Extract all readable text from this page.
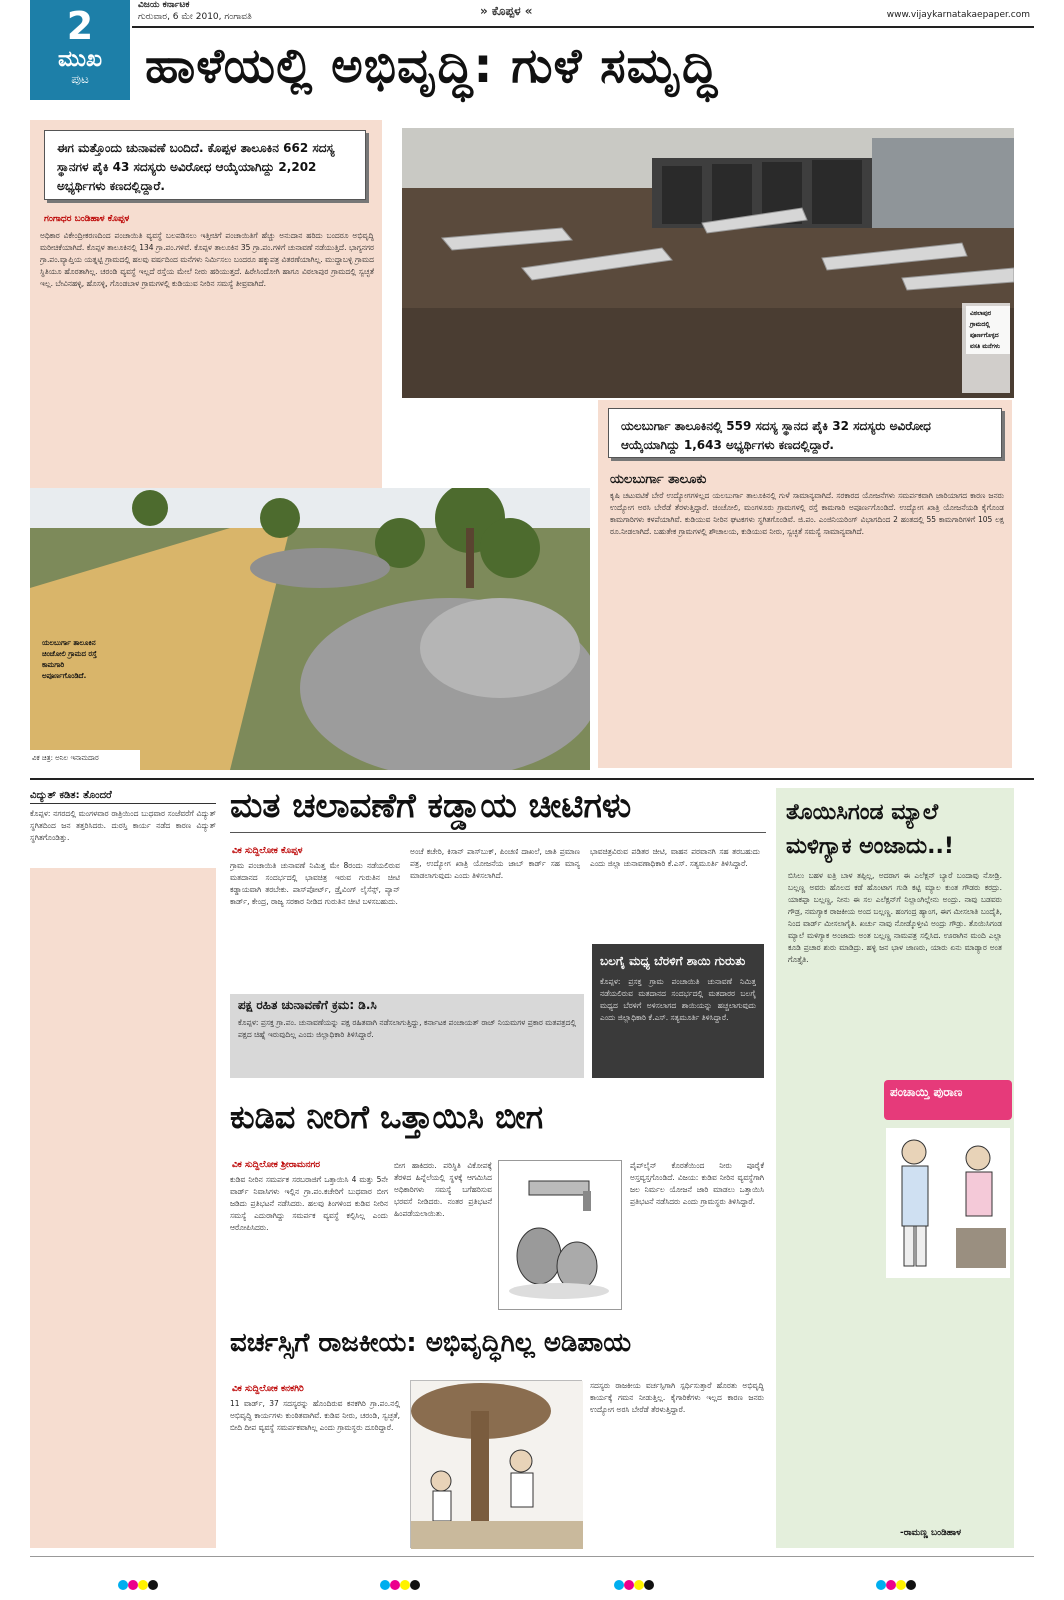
2
ಮುಖ
ಪುಟ
ವಿಜಯ ಕರ್ನಾಟಕ
ಗುರುವಾರ, 6 ಮೇ 2010, ಗಂಗಾವತಿ	» ಕೊಪ್ಪಳ «	www.vijaykarnatakaepaper.com
ಹಾಳೆಯಲ್ಲಿ ಅಭಿವೃದ್ಧಿ: ಗುಳೆ ಸಮೃದ್ಧಿ
ಈಗ ಮತ್ತೊಂದು ಚುನಾವಣೆ ಬಂದಿದೆ. ಕೊಪ್ಪಳ ತಾಲೂಕಿನ 662 ಸದಸ್ಯ ಸ್ಥಾನಗಳ ಪೈಕಿ 43 ಸದಸ್ಯರು ಅವಿರೋಧ ಆಯ್ಕೆಯಾಗಿದ್ದು 2,202 ಅಭ್ಯರ್ಥಿಗಳು ಕಣದಲ್ಲಿದ್ದಾರೆ.
ಗಂಗಾಧರ ಬಂಡಿಹಾಳ ಕೊಪ್ಪಳ
ಅಧಿಕಾರ ವಿಕೇಂದ್ರೀಕರಣದಿಂದ ಪಂಚಾಯಿತಿ ವ್ಯವಸ್ಥೆ ಬಲಪಡಿಸಲು ಇತ್ತೀಚಿಗೆ ಪಂಚಾಯಿತಿಗೆ ಹೆಚ್ಚು ಅನುದಾನ ಹರಿದು ಬಂದರೂ ಅಭಿವೃದ್ಧಿ ಮರೀಚಿಕೆಯಾಗಿದೆ. ಕೊಪ್ಪಳ ತಾಲೂಕಿನಲ್ಲಿ 134 ಗ್ರಾ.ಪಂ.ಗಳಿವೆ. ಕೊಪ್ಪಳ ತಾಲೂಕಿನ 35 ಗ್ರಾ.ಪಂ.ಗಳಿಗೆ ಚುನಾವಣೆ ನಡೆಯುತ್ತಿದೆ. ಭಾಗ್ಯನಗರ ಗ್ರಾ.ಪಂ.ವ್ಯಾಪ್ತಿಯ ಯತ್ನಟ್ಟಿ ಗ್ರಾಮದಲ್ಲಿ ಹಲವು ವರ್ಷದಿಂದ ಮನೆಗಳು ನಿರ್ಮಿಸಲು ಬಂದರೂ ಹಕ್ಕುಪತ್ರ ವಿತರಣೆಯಾಗಿಲ್ಲ. ಮುದ್ದಾಬಳ್ಳಿ ಗ್ರಾಮದ ಸ್ಥಿತಿಯೂ ಹೊರತಾಗಿಲ್ಲ. ಚರಂಡಿ ವ್ಯವಸ್ಥೆ ಇಲ್ಲದೆ ರಸ್ತೆಯ ಮೇಲೆ ನೀರು ಹರಿಯುತ್ತದೆ. ಹಿರೇಸಿಂದೋಗಿ ಹಾಗೂ ವಿಠಲಾಪುರ ಗ್ರಾಮದಲ್ಲಿ ಸ್ವಚ್ಛತೆ ಇಲ್ಲ. ಬೇವಿನಹಳ್ಳಿ, ಹೊಸಳ್ಳಿ, ಗೊಂಡಬಾಳ ಗ್ರಾಮಗಳಲ್ಲಿ ಕುಡಿಯುವ ನೀರಿನ ಸಮಸ್ಯೆ ತೀವ್ರವಾಗಿದೆ.
ವಿಠಲಾಪುರ ಗ್ರಾಮದಲ್ಲಿ ಪೂರ್ಣಗೊಳ್ಳದ ವಸತಿ ಮನೆಗಳು
ಯಲಬುರ್ಗಾ ತಾಲೂಕಿನ ಚಿಂಚೋಲಿ ಗ್ರಾಮದ ರಸ್ತೆ ಕಾಮಗಾರಿ ಅಪೂರ್ಣಗೊಂಡಿದೆ.
ವಿಕ ಚಿತ್ರ: ಅನಿಲ ಇನಾಮದಾರ
ಯಲಬುರ್ಗಾ ತಾಲೂಕಿನಲ್ಲಿ 559 ಸದಸ್ಯ ಸ್ಥಾನದ ಪೈಕಿ 32 ಸದಸ್ಯರು ಅವಿರೋಧ ಆಯ್ಕೆಯಾಗಿದ್ದು 1,643 ಅಭ್ಯರ್ಥಿಗಳು ಕಣದಲ್ಲಿದ್ದಾರೆ.
ಯಲಬುರ್ಗಾ ತಾಲೂಕು
ಕೃಷಿ ಚಟುವಟಿಕೆ ಬೇರೆ ಉದ್ಯೋಗಗಳಿಲ್ಲದ ಯಲಬುರ್ಗಾ ತಾಲೂಕಿನಲ್ಲಿ ಗುಳೆ ಸಾಮಾನ್ಯವಾಗಿದೆ. ಸರಕಾರದ ಯೋಜನೆಗಳು ಸಮರ್ಪಕವಾಗಿ ಜಾರಿಯಾಗದ ಕಾರಣ ಜನರು ಉದ್ಯೋಗ ಅರಸಿ ಬೇರೆಡೆ ತೆರಳುತ್ತಿದ್ದಾರೆ. ಚಿಂಚೋಲಿ, ಮಂಗಳೂರು ಗ್ರಾಮಗಳಲ್ಲಿ ರಸ್ತೆ ಕಾಮಗಾರಿ ಅಪೂರ್ಣಗೊಂಡಿದೆ. ಉದ್ಯೋಗ ಖಾತ್ರಿ ಯೋಜನೆಯಡಿ ಕೈಗೊಂಡ ಕಾಮಗಾರಿಗಳು ಕಳಪೆಯಾಗಿವೆ. ಕುಡಿಯುವ ನೀರಿನ ಘಟಕಗಳು ಸ್ಥಗಿತಗೊಂಡಿವೆ. ಜಿ.ಪಂ. ಎಂಜಿನಿಯರಿಂಗ್ ವಿಭಾಗದಿಂದ 2 ಹಂತದಲ್ಲಿ 55 ಕಾಮಗಾರಿಗಳಿಗೆ 105 ಲಕ್ಷ ರೂ.ನೀಡಲಾಗಿದೆ. ಬಹುತೇಕ ಗ್ರಾಮಗಳಲ್ಲಿ ಶೌಚಾಲಯ, ಕುಡಿಯುವ ನೀರು, ಸ್ವಚ್ಛತೆ ಸಮಸ್ಯೆ ಸಾಮಾನ್ಯವಾಗಿದೆ.
ವಿದ್ಯುತ್ ಕಡಿತ: ತೊಂದರೆ
ಕೊಪ್ಪಳ: ನಗರದಲ್ಲಿ ಮಂಗಳವಾರ ರಾತ್ರಿಯಿಂದ ಬುಧವಾರ ಸಂಜೆವರೆಗೆ ವಿದ್ಯುತ್ ಸ್ಥಗಿತದಿಂದ ಜನ ತತ್ತರಿಸಿದರು. ದುರಸ್ತಿ ಕಾರ್ಯ ನಡೆದ ಕಾರಣ ವಿದ್ಯುತ್ ಸ್ಥಗಿತಗೊಂಡಿತ್ತು.
ಮತ ಚಲಾವಣೆಗೆ ಕಡ್ಡಾಯ ಚೀಟಿಗಳು
ವಿಕ ಸುದ್ದಿಲೋಕ ಕೊಪ್ಪಳ
ಗ್ರಾಮ ಪಂಚಾಯಿತಿ ಚುನಾವಣೆ ನಿಮಿತ್ತ ಮೇ 8ರಂದು ನಡೆಯಲಿರುವ ಮತದಾನದ ಸಂದರ್ಭದಲ್ಲಿ ಭಾವಚಿತ್ರ ಇರುವ ಗುರುತಿನ ಚೀಟಿ ಕಡ್ಡಾಯವಾಗಿ ತರಬೇಕು. ಪಾಸ್‌ಪೋರ್ಟ್, ಡ್ರೈವಿಂಗ್ ಲೈಸೆನ್ಸ್, ಪ್ಯಾನ್ ಕಾರ್ಡ್, ಕೇಂದ್ರ, ರಾಜ್ಯ ಸರಕಾರ ನೀಡಿದ ಗುರುತಿನ ಚೀಟಿ ಬಳಸಬಹುದು.
ಅಂಚೆ ಕಚೇರಿ, ಕಿಸಾನ್ ಪಾಸ್‌ಬುಕ್, ಪಿಂಚಣಿ ದಾಖಲೆ, ಜಾತಿ ಪ್ರಮಾಣ ಪತ್ರ, ಉದ್ಯೋಗ ಖಾತ್ರಿ ಯೋಜನೆಯ ಜಾಬ್ ಕಾರ್ಡ್ ಸಹ ಮಾನ್ಯ ಮಾಡಲಾಗುವುದು ಎಂದು ತಿಳಿಸಲಾಗಿದೆ.
ಭಾವಚಿತ್ರವಿರುವ ಪಡಿತರ ಚೀಟಿ, ವಾಹನ ಪರವಾನಗಿ ಸಹ ತರಬಹುದು ಎಂದು ಜಿಲ್ಲಾ ಚುನಾವಣಾಧಿಕಾರಿ ಕೆ.ಎಸ್. ಸತ್ಯಮೂರ್ತಿ ತಿಳಿಸಿದ್ದಾರೆ.
ಪಕ್ಷ ರಹಿತ ಚುನಾವಣೆಗೆ ಕ್ರಮ: ಡಿ.ಸಿ
ಕೊಪ್ಪಳ: ಪ್ರಸಕ್ತ ಗ್ರಾ.ಪಂ. ಚುನಾವಣೆಯನ್ನು ಪಕ್ಷ ರಹಿತವಾಗಿ ನಡೆಸಲಾಗುತ್ತಿದ್ದು, ಕರ್ನಾಟಕ ಪಂಚಾಯತ್ ರಾಜ್ ನಿಯಮಗಳ ಪ್ರಕಾರ ಮತಪತ್ರದಲ್ಲಿ ಪಕ್ಷದ ಚಿಹ್ನೆ ಇರುವುದಿಲ್ಲ ಎಂದು ಜಿಲ್ಲಾಧಿಕಾರಿ ತಿಳಿಸಿದ್ದಾರೆ.
ಬಲಗೈ ಮಧ್ಯ ಬೆರಳಿಗೆ ಶಾಯಿ ಗುರುತು
ಕೊಪ್ಪಳ: ಪ್ರಸಕ್ತ ಗ್ರಾಮ ಪಂಚಾಯಿತಿ ಚುನಾವಣೆ ನಿಮಿತ್ತ ನಡೆಯಲಿರುವ ಮತದಾನದ ಸಂದರ್ಭದಲ್ಲಿ ಮತದಾರರ ಬಲಗೈ ಮಧ್ಯದ ಬೆರಳಿಗೆ ಅಳಿಸಲಾಗದ ಶಾಯಿಯನ್ನು ಹಚ್ಚಲಾಗುವುದು ಎಂದು ಜಿಲ್ಲಾಧಿಕಾರಿ ಕೆ.ಎಸ್. ಸತ್ಯಮೂರ್ತಿ ತಿಳಿಸಿದ್ದಾರೆ.
ಕುಡಿವ ನೀರಿಗೆ ಒತ್ತಾಯಿಸಿ ಬೀಗ
ವಿಕ ಸುದ್ದಿಲೋಕ ಶ್ರೀರಾಮನಗರ
ಕುಡಿವ ನೀರಿನ ಸಮರ್ಪಕ ಸರಬರಾಜಿಗೆ ಒತ್ತಾಯಿಸಿ 4 ಮತ್ತು 5ನೇ ವಾರ್ಡ್ ನಿವಾಸಿಗಳು ಇಲ್ಲಿನ ಗ್ರಾ.ಪಂ.ಕಚೇರಿಗೆ ಬುಧವಾರ ಬೀಗ ಜಡಿದು ಪ್ರತಿಭಟನೆ ನಡೆಸಿದರು. ಹಲವು ತಿಂಗಳಿಂದ ಕುಡಿವ ನೀರಿನ ಸಮಸ್ಯೆ ಎದುರಾಗಿದ್ದು ಸಮರ್ಪಕ ವ್ಯವಸ್ಥೆ ಕಲ್ಪಿಸಿಲ್ಲ ಎಂದು ಆರೋಪಿಸಿದರು.
ಬೀಗ ಹಾಕಿದರು. ಪರಿಸ್ಥಿತಿ ವಿಕೋಪಕ್ಕೆ ತೆರಳಿದ ಹಿನ್ನೆಲೆಯಲ್ಲಿ ಸ್ಥಳಕ್ಕೆ ಆಗಮಿಸಿದ ಅಧಿಕಾರಿಗಳು ಸಮಸ್ಯೆ ಬಗೆಹರಿಸುವ ಭರವಸೆ ನೀಡಿದರು. ನಂತರ ಪ್ರತಿಭಟನೆ ಹಿಂಪಡೆಯಲಾಯಿತು.
ಪೈಪ್‌ಲೈನ್ ಕೊರತೆಯಿಂದ ನೀರು ಪೂರೈಕೆ ಅಸ್ತವ್ಯಸ್ತಗೊಂಡಿದೆ. ವಿಜಯ: ಕುಡಿವ ನೀರಿನ ವ್ಯವಸ್ಥೆಗಾಗಿ ಜಲ ನಿರ್ಮಲ ಯೋಜನೆ ಜಾರಿ ಮಾಡಲು ಒತ್ತಾಯಿಸಿ ಪ್ರತಿಭಟನೆ ನಡೆಸಿದರು ಎಂದು ಗ್ರಾಮಸ್ಥರು ತಿಳಿಸಿದ್ದಾರೆ.
ವರ್ಚಸ್ಸಿಗೆ ರಾಜಕೀಯ: ಅಭಿವೃದ್ಧಿಗಿಲ್ಲ ಅಡಿಪಾಯ
ವಿಕ ಸುದ್ದಿಲೋಕ ಕನಕಗಿರಿ
11 ವಾರ್ಡ್, 37 ಸದಸ್ಯರನ್ನು ಹೊಂದಿರುವ ಕನಕಗಿರಿ ಗ್ರಾ.ಪಂ.ನಲ್ಲಿ ಅಭಿವೃದ್ಧಿ ಕಾರ್ಯಗಳು ಕುಂಠಿತವಾಗಿವೆ. ಕುಡಿವ ನೀರು, ಚರಂಡಿ, ಸ್ವಚ್ಛತೆ, ಬೀದಿ ದೀಪ ವ್ಯವಸ್ಥೆ ಸಮರ್ಪಕವಾಗಿಲ್ಲ ಎಂದು ಗ್ರಾಮಸ್ಥರು ದೂರಿದ್ದಾರೆ.
ಸದಸ್ಯರು ರಾಜಕೀಯ ವರ್ಚಸ್ಸಿಗಾಗಿ ಸ್ಪರ್ಧಿಸುತ್ತಾರೆ ಹೊರತು ಅಭಿವೃದ್ಧಿ ಕಾರ್ಯಕ್ಕೆ ಗಮನ ನೀಡುತ್ತಿಲ್ಲ. ಕೈಗಾರಿಕೆಗಳು ಇಲ್ಲದ ಕಾರಣ ಜನರು ಉದ್ಯೋಗ ಅರಸಿ ಬೇರೆಡೆ ತೆರಳುತ್ತಿದ್ದಾರೆ.
ತೊಯಿಸಿಗಂಡ ಮ್ಯಾಲೆ ಮಳಿಗ್ಯಾಕ ಅಂಜಾದು..!
ಬಿಸಿಲು ಬಹಳ ಐತ್ರಿ ಬಾಳ ತಪ್ಪಿಲ್ಲ, ಅದರಾಗ ಈ ಎಲೆಕ್ಷನ್ ಬ್ಯಾರೆ ಬಂದಾವು ನೋಡ್ರಿ. ಬಲ್ಲಣ್ಣ ಅವರು ಹೊಲದ ಕಡೆ ಹೊಂಟಾಗ ಗುಡಿ ಕಟ್ಟಿ ಮ್ಯಾಲ ಕುಂತ ಗೌಡರು ಕರದ್ರು. ಯಾಕಪ್ಪಾ ಬಲ್ಲಣ್ಣ, ನೀನು ಈ ಸಲ ಎಲೆಕ್ಷನ್‌ಗೆ ನಿಲ್ಲಾಂಗಿಲ್ಲೇನು ಅಂದ್ರು. ನಾವು ಬಡವರು ಗೌಡ್ರ, ನಮಗ್ಯಾಕ ರಾಜಕೀಯ ಅಂದ ಬಲ್ಲಣ್ಣ. ಹಂಗಂದ್ರ ಹ್ಯಾಂಗ, ಈಗ ಮೀಸಲಾತಿ ಬಂದೈತಿ, ನಿಂದ ವಾರ್ಡ್ ಮೀಸಲಾಗೈತಿ. ಖರ್ಚು ನಾವು ನೋಡ್ಕೊಳ್ತೀವಿ ಅಂದ್ರು ಗೌಡ್ರು. ತೊಯಿಸಿಗಂಡ ಮ್ಯಾಲೆ ಮಳಿಗ್ಯಾಕ ಅಂಜಾದು ಅಂತ ಬಲ್ಲಣ್ಣ ನಾಮಪತ್ರ ಸಲ್ಲಿಸಿದ. ಊರಾಗಿನ ಮಂದಿ ಎಲ್ಲಾ ಕೂಡಿ ಪ್ರಚಾರ ಶುರು ಮಾಡಿದ್ರು. ಹಳ್ಳಿ ಜನ ಭಾಳ ಜಾಣರು, ಯಾರು ಏನು ಮಾಡ್ಯಾರ ಅಂತ ಗೊತ್ತೈತಿ.
ಪಂಚಾಯ್ತಿ ಪುರಾಣ
-ರಾಮಣ್ಣ ಬಂಡಿಹಾಳ
